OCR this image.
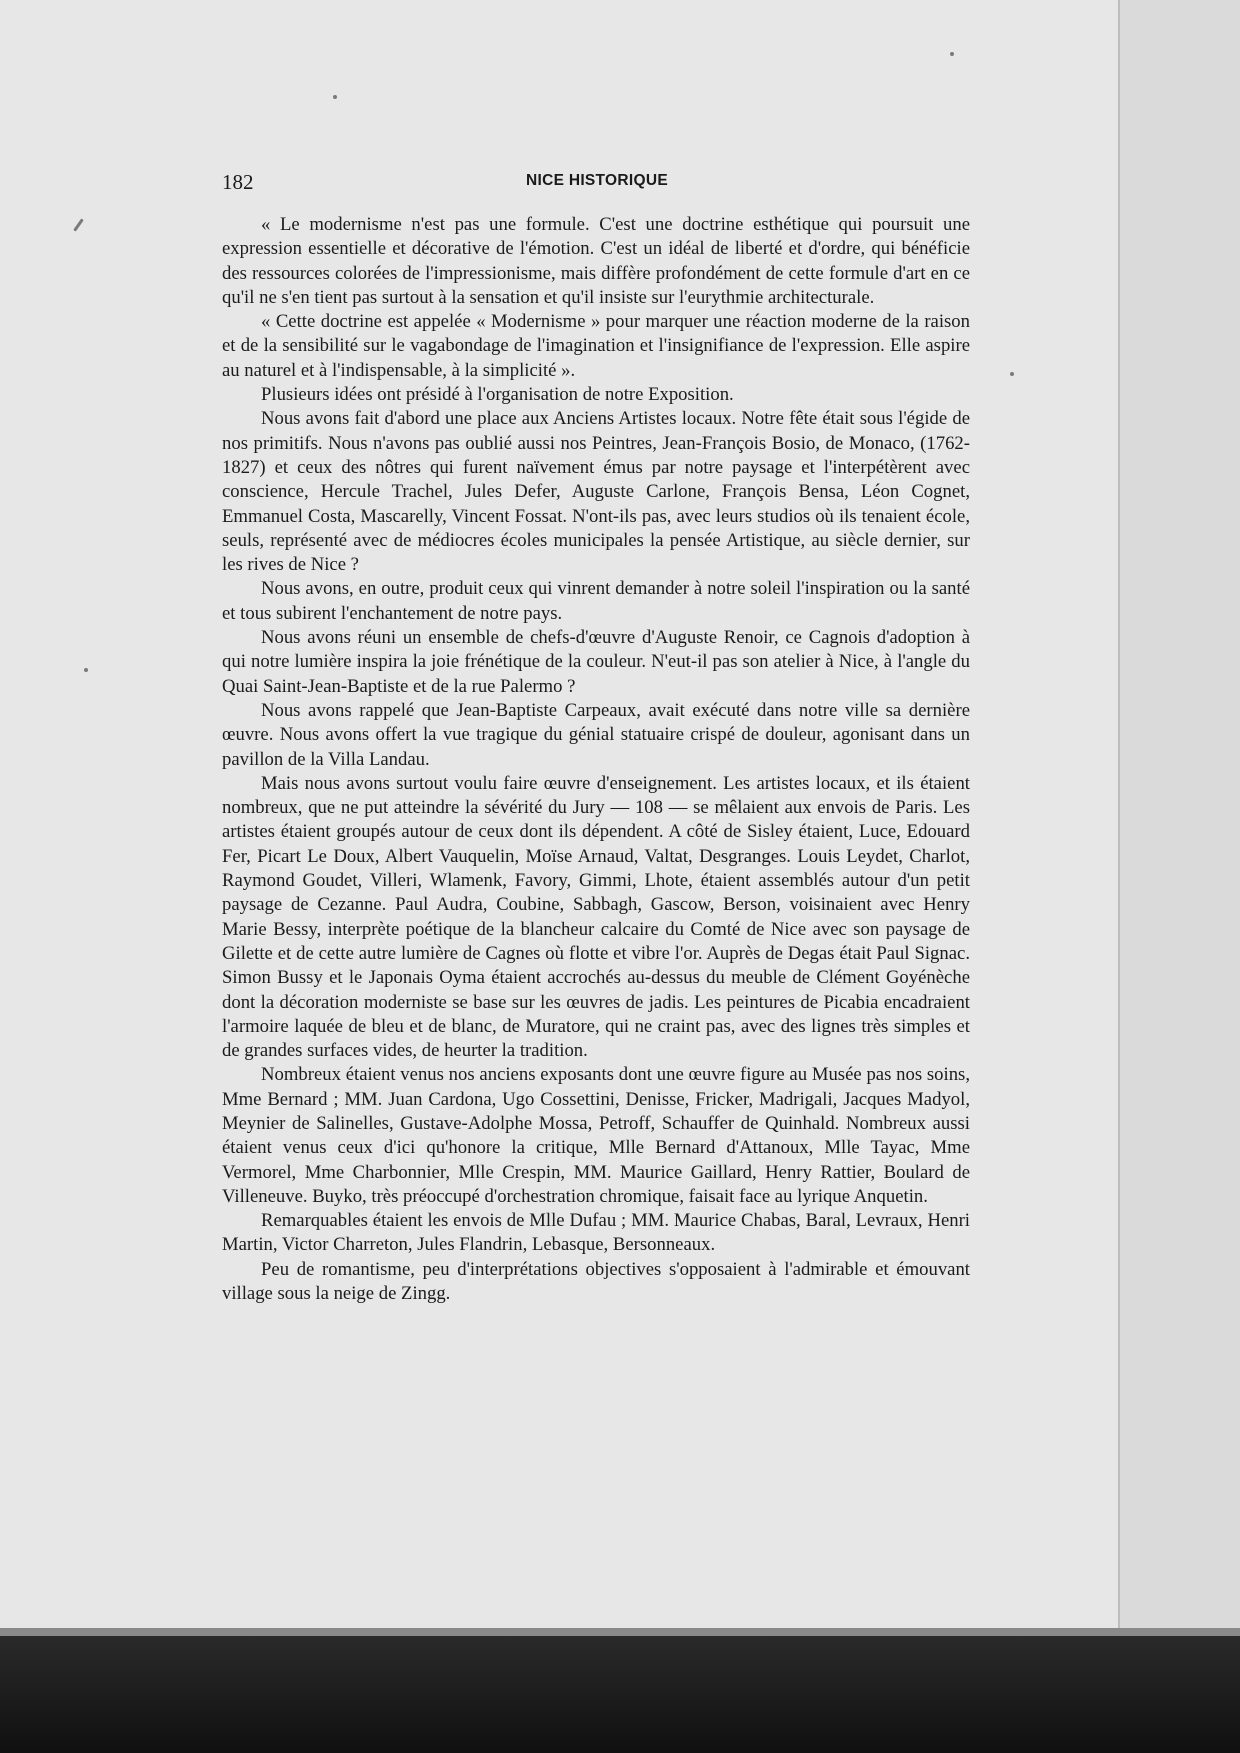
182	NICE HISTORIQUE

« Le modernisme n'est pas une formule. C'est une doctrine esthétique qui poursuit une expression essentielle et décorative de l'émotion. C'est un idéal de liberté et d'ordre, qui bénéficie des ressources colorées de l'impressionisme, mais diffère profondément de cette formule d'art en ce qu'il ne s'en tient pas surtout à la sensation et qu'il insiste sur l'eurythmie architecturale.

« Cette doctrine est appelée « Modernisme » pour marquer une réaction moderne de la raison et de la sensibilité sur le vagabondage de l'imagination et l'insignifiance de l'expression. Elle aspire au naturel et à l'indispensable, à la simplicité ».

Plusieurs idées ont présidé à l'organisation de notre Exposition.

Nous avons fait d'abord une place aux Anciens Artistes locaux. Notre fête était sous l'égide de nos primitifs. Nous n'avons pas oublié aussi nos Peintres, Jean-François Bosio, de Monaco, (1762-1827) et ceux des nôtres qui furent naïvement émus par notre paysage et l'interpétèrent avec conscience, Hercule Trachel, Jules Defer, Auguste Carlone, François Bensa, Léon Cognet, Emmanuel Costa, Mascarelly, Vincent Fossat. N'ont-ils pas, avec leurs studios où ils tenaient école, seuls, représenté avec de médiocres écoles municipales la pensée Artistique, au siècle dernier, sur les rives de Nice ?

Nous avons, en outre, produit ceux qui vinrent demander à notre soleil l'inspiration ou la santé et tous subirent l'enchantement de notre pays.

Nous avons réuni un ensemble de chefs-d'œuvre d'Auguste Renoir, ce Cagnois d'adoption à qui notre lumière inspira la joie frénétique de la couleur. N'eut-il pas son atelier à Nice, à l'angle du Quai Saint-Jean-Baptiste et de la rue Palermo ?

Nous avons rappelé que Jean-Baptiste Carpeaux, avait exécuté dans notre ville sa dernière œuvre. Nous avons offert la vue tragique du génial statuaire crispé de douleur, agonisant dans un pavillon de la Villa Landau.

Mais nous avons surtout voulu faire œuvre d'enseignement. Les artistes locaux, et ils étaient nombreux, que ne put atteindre la sévérité du Jury — 108 — se mêlaient aux envois de Paris. Les artistes étaient groupés autour de ceux dont ils dépendent. A côté de Sisley étaient, Luce, Edouard Fer, Picart Le Doux, Albert Vauquelin, Moïse Arnaud, Valtat, Desgranges. Louis Leydet, Charlot, Raymond Goudet, Villeri, Wlamenk, Favory, Gimmi, Lhote, étaient assemblés autour d'un petit paysage de Cezanne. Paul Audra, Coubine, Sabbagh, Gascow, Berson, voisinaient avec Henry Marie Bessy, interprète poétique de la blancheur calcaire du Comté de Nice avec son paysage de Gilette et de cette autre lumière de Cagnes où flotte et vibre l'or. Auprès de Degas était Paul Signac. Simon Bussy et le Japonais Oyma étaient accrochés au-dessus du meuble de Clément Goyénèche dont la décoration moderniste se base sur les œuvres de jadis. Les peintures de Picabia encadraient l'armoire laquée de bleu et de blanc, de Muratore, qui ne craint pas, avec des lignes très simples et de grandes surfaces vides, de heurter la tradition.

Nombreux étaient venus nos anciens exposants dont une œuvre figure au Musée pas nos soins, Mme Bernard ; MM. Juan Cardona, Ugo Cossettini, Denisse, Fricker, Madrigali, Jacques Madyol, Meynier de Salinelles, Gustave-Adolphe Mossa, Petroff, Schauffer de Quinhald. Nombreux aussi étaient venus ceux d'ici qu'honore la critique, Mlle Bernard d'Attanoux, Mlle Tayac, Mme Vermorel, Mme Charbonnier, Mlle Crespin, MM. Maurice Gaillard, Henry Rattier, Boulard de Villeneuve. Buyko, très préoccupé d'orchestration chromique, faisait face au lyrique Anquetin.

Remarquables étaient les envois de Mlle Dufau ; MM. Maurice Chabas, Baral, Levraux, Henri Martin, Victor Charreton, Jules Flandrin, Lebasque, Bersonneaux.

Peu de romantisme, peu d'interprétations objectives s'opposaient à l'admirable et émouvant village sous la neige de Zingg.
